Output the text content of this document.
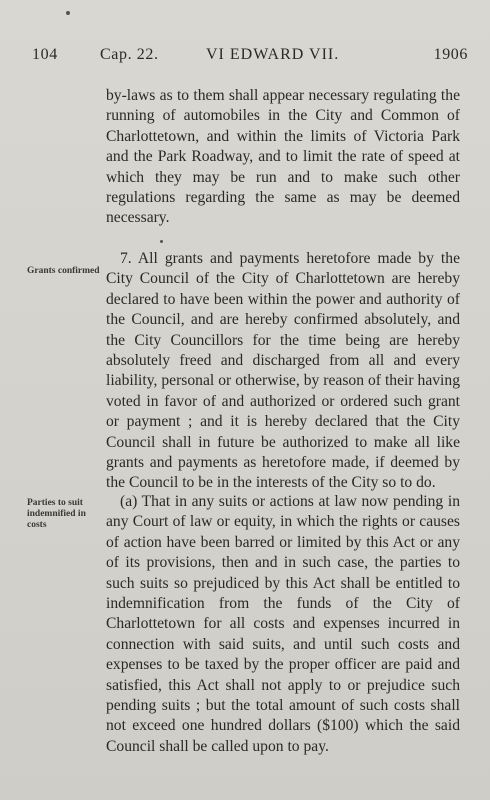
104	Cap. 22.	VI EDWARD VII.	1906

by-laws as to them shall appear necessary regulating the running of automobiles in the City and Common of Charlottetown, and within the limits of Victoria Park and the Park Roadway, and to limit the rate of speed at which they may be run and to make such other regulations regarding the same as may be deemed necessary.

Grants confirmed

7. All grants and payments heretofore made by the City Council of the City of Charlottetown are hereby declared to have been within the power and authority of the Council, and are hereby confirmed absolutely, and the City Councillors for the time being are hereby absolutely freed and discharged from all and every liability, personal or otherwise, by reason of their having voted in favor of and authorized or ordered such grant or payment ; and it is hereby declared that the City Council shall in future be authorized to make all like grants and payments as heretofore made, if deemed by the Council to be in the interests of the City so to do.

Parties to suit indemnified in costs

(a) That in any suits or actions at law now pending in any Court of law or equity, in which the rights or causes of action have been barred or limited by this Act or any of its provisions, then and in such case, the parties to such suits so prejudiced by this Act shall be entitled to indemnification from the funds of the City of Charlottetown for all costs and expenses incurred in connection with said suits, and until such costs and expenses to be taxed by the proper officer are paid and satisfied, this Act shall not apply to or prejudice such pending suits ; but the total amount of such costs shall not exceed one hundred dollars ($100) which the said Council shall be called upon to pay.
